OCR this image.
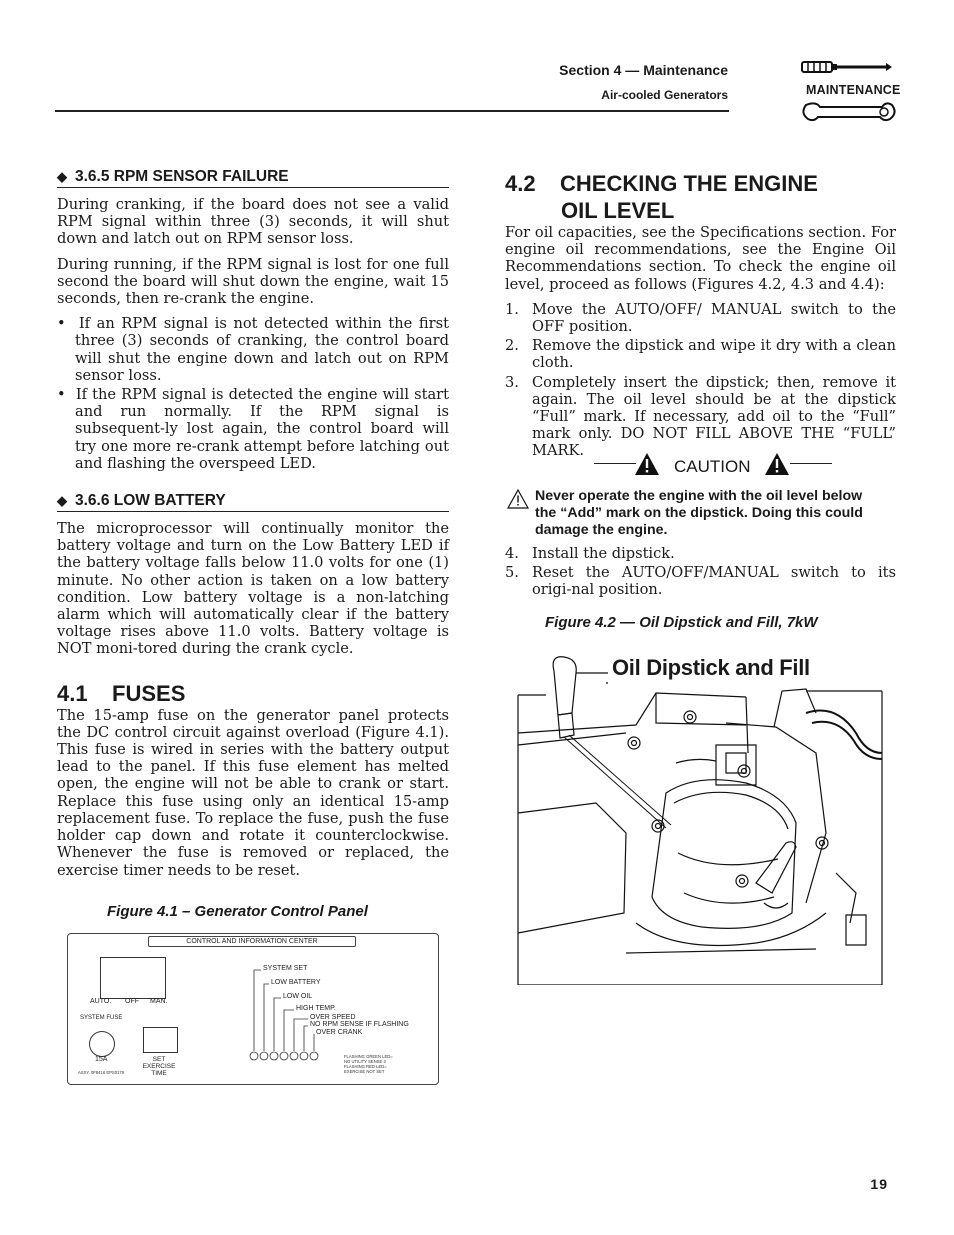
Section 4 — Maintenance
Air-cooled Generators	MAINTENANCE
◆ 3.6.5 RPM SENSOR FAILURE

During cranking, if the board does not see a valid RPM signal within three (3) seconds, it will shut down and latch out on RPM sensor loss.

During running, if the RPM signal is lost for one full second the board will shut down the engine, wait 15 seconds, then re-crank the engine.

•  If an RPM signal is not detected within the first three (3) seconds of cranking, the control board will shut the engine down and latch out on RPM sensor loss.
•  If the RPM signal is detected the engine will start and run normally. If the RPM signal is subsequent-ly lost again, the control board will try one more re-crank attempt before latching out and flashing the overspeed LED.
◆ 3.6.6 LOW BATTERY

The microprocessor will continually monitor the battery voltage and turn on the Low Battery LED if the battery voltage falls below 11.0 volts for one (1) minute. No other action is taken on a low battery condition. Low battery voltage is a non-latching alarm which will automatically clear if the battery voltage rises above 11.0 volts. Battery voltage is NOT moni-tored during the crank cycle.

4.1    FUSES

The 15-amp fuse on the generator panel protects the DC control circuit against overload (Figure 4.1). This fuse is wired in series with the battery output lead to the panel. If this fuse element has melted open, the engine will not be able to crank or start. Replace this fuse using only an identical 15-amp replacement fuse. To replace the fuse, push the fuse holder cap down and rotate it counterclockwise. Whenever the fuse is removed or replaced, the exercise timer needs to be reset.

Figure 4.1 – Generator Control Panel
CONTROL AND INFORMATION CENTER
AUTO. OFF MAN.
SYSTEM FUSE
15A
ASSY. 0F8416 EPS0179
SET EXERCISE TIME
SYSTEM SET
LOW BATTERY
LOW OIL
HIGH TEMP.
OVER SPEED
NO RPM SENSE IF FLASHING
OVER CRANK
FLASHING GREEN LED= NO UTILITY SENSE 3 FLASHING RED LED= EXERCISE NOT SET
4.2    CHECKING THE ENGINE
OIL LEVEL

For oil capacities, see the Specifications section. For engine oil recommendations, see the Engine Oil Recommendations section. To check the engine oil level, proceed as follows (Figures 4.2, 4.3 and 4.4):

1. Move the AUTO/OFF/ MANUAL switch to the OFF position.
2. Remove the dipstick and wipe it dry with a clean cloth.
3. Completely insert the dipstick; then, remove it again. The oil level should be at the dipstick “Full” mark. If necessary, add oil to the “Full” mark only. DO NOT FILL ABOVE THE “FULL” MARK.
CAUTION
Never operate the engine with the oil level below the “Add” mark on the dipstick. Doing this could damage the engine.
4. Install the dipstick.
5. Reset the AUTO/OFF/MANUAL switch to its origi-nal position.
Figure 4.2 — Oil Dipstick and Fill, 7kW
Oil Dipstick and Fill
19
